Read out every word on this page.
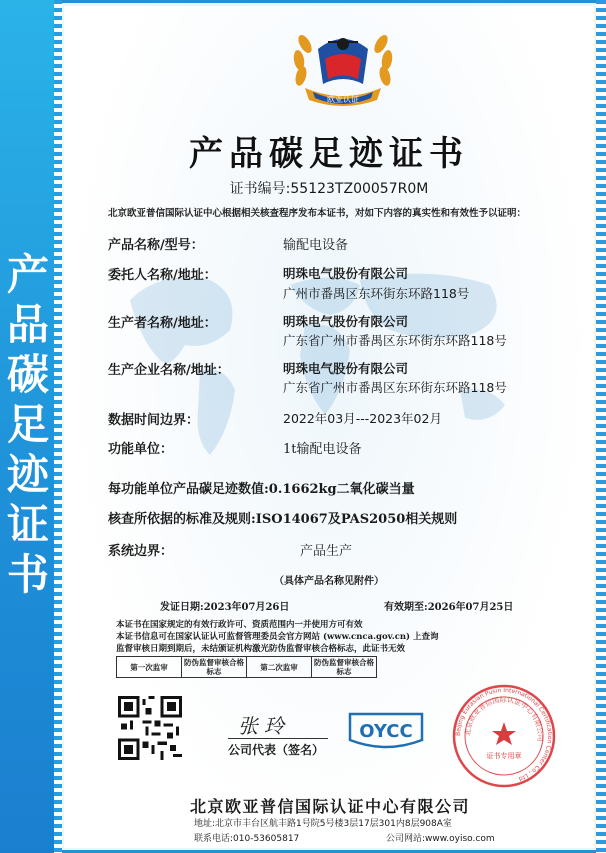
产
品
碳
足
迹
证
书
欧亚认证
产品碳足迹证书
证书编号:55123TZ00057R0M
北京欧亚普信国际认证中心根据相关核查程序发布本证书，对如下内容的真实性和有效性予以证明：
产品名称/型号：	输配电设备
委托人名称/地址：	明珠电气股份有限公司
广州市番禺区东环街东环路118号
生产者名称/地址：	明珠电气股份有限公司
广东省广州市番禺区东环街东环路118号
生产企业名称/地址：	明珠电气股份有限公司
广东省广州市番禺区东环街东环路118号
数据时间边界：	2022年03月---2023年02月
功能单位：	1t输配电设备
每功能单位产品碳足迹数值:0.1662kg二氧化碳当量
核查所依据的标准及规则:ISO14067及PAS2050相关规则
系统边界：	产品生产
（具体产品名称见附件）
发证日期:2023年07月26日	有效期至:2026年07月25日
本证书在国家规定的有效行政许可、资质范围内一并使用方可有效
本证书信息可在国家认证认可监督管理委员会官方网站 (www.cnca.gov.cn) 上查询
监督审核日期到期后，未结颁证机构激光防伪监督审核合格标志，此证书无效
第一次监审	防伪监督审核合格标志	第二次监审	防伪监督审核合格标志
张玲
公司代表（签名）
OYCC	Beijing Eurasian Pusin International Certification Center Co., Ltd
北京欧亚普信国际认证中心有限公司
证书专用章
北京欧亚普信国际认证中心有限公司
地址:北京市丰台区航丰路1号院5号楼3层17层301内8层908A室
联系电话:010-53605817	公司网站:www.oyiso.com
